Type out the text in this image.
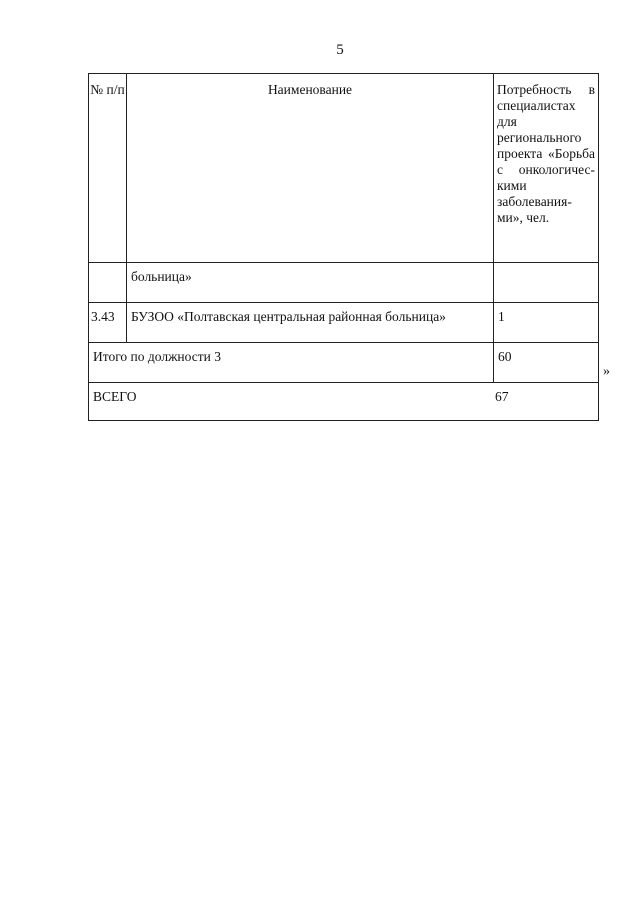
5
№ п/п	Наименование	Потребность в специалистах для регионального проекта «Борьба с онкологичес-кими заболевания-ми», чел.
	больница»	
3.43	БУЗОО «Полтавская центральная районная больница»	1
Итого по должности 3		60
ВСЕГО 67		
»
